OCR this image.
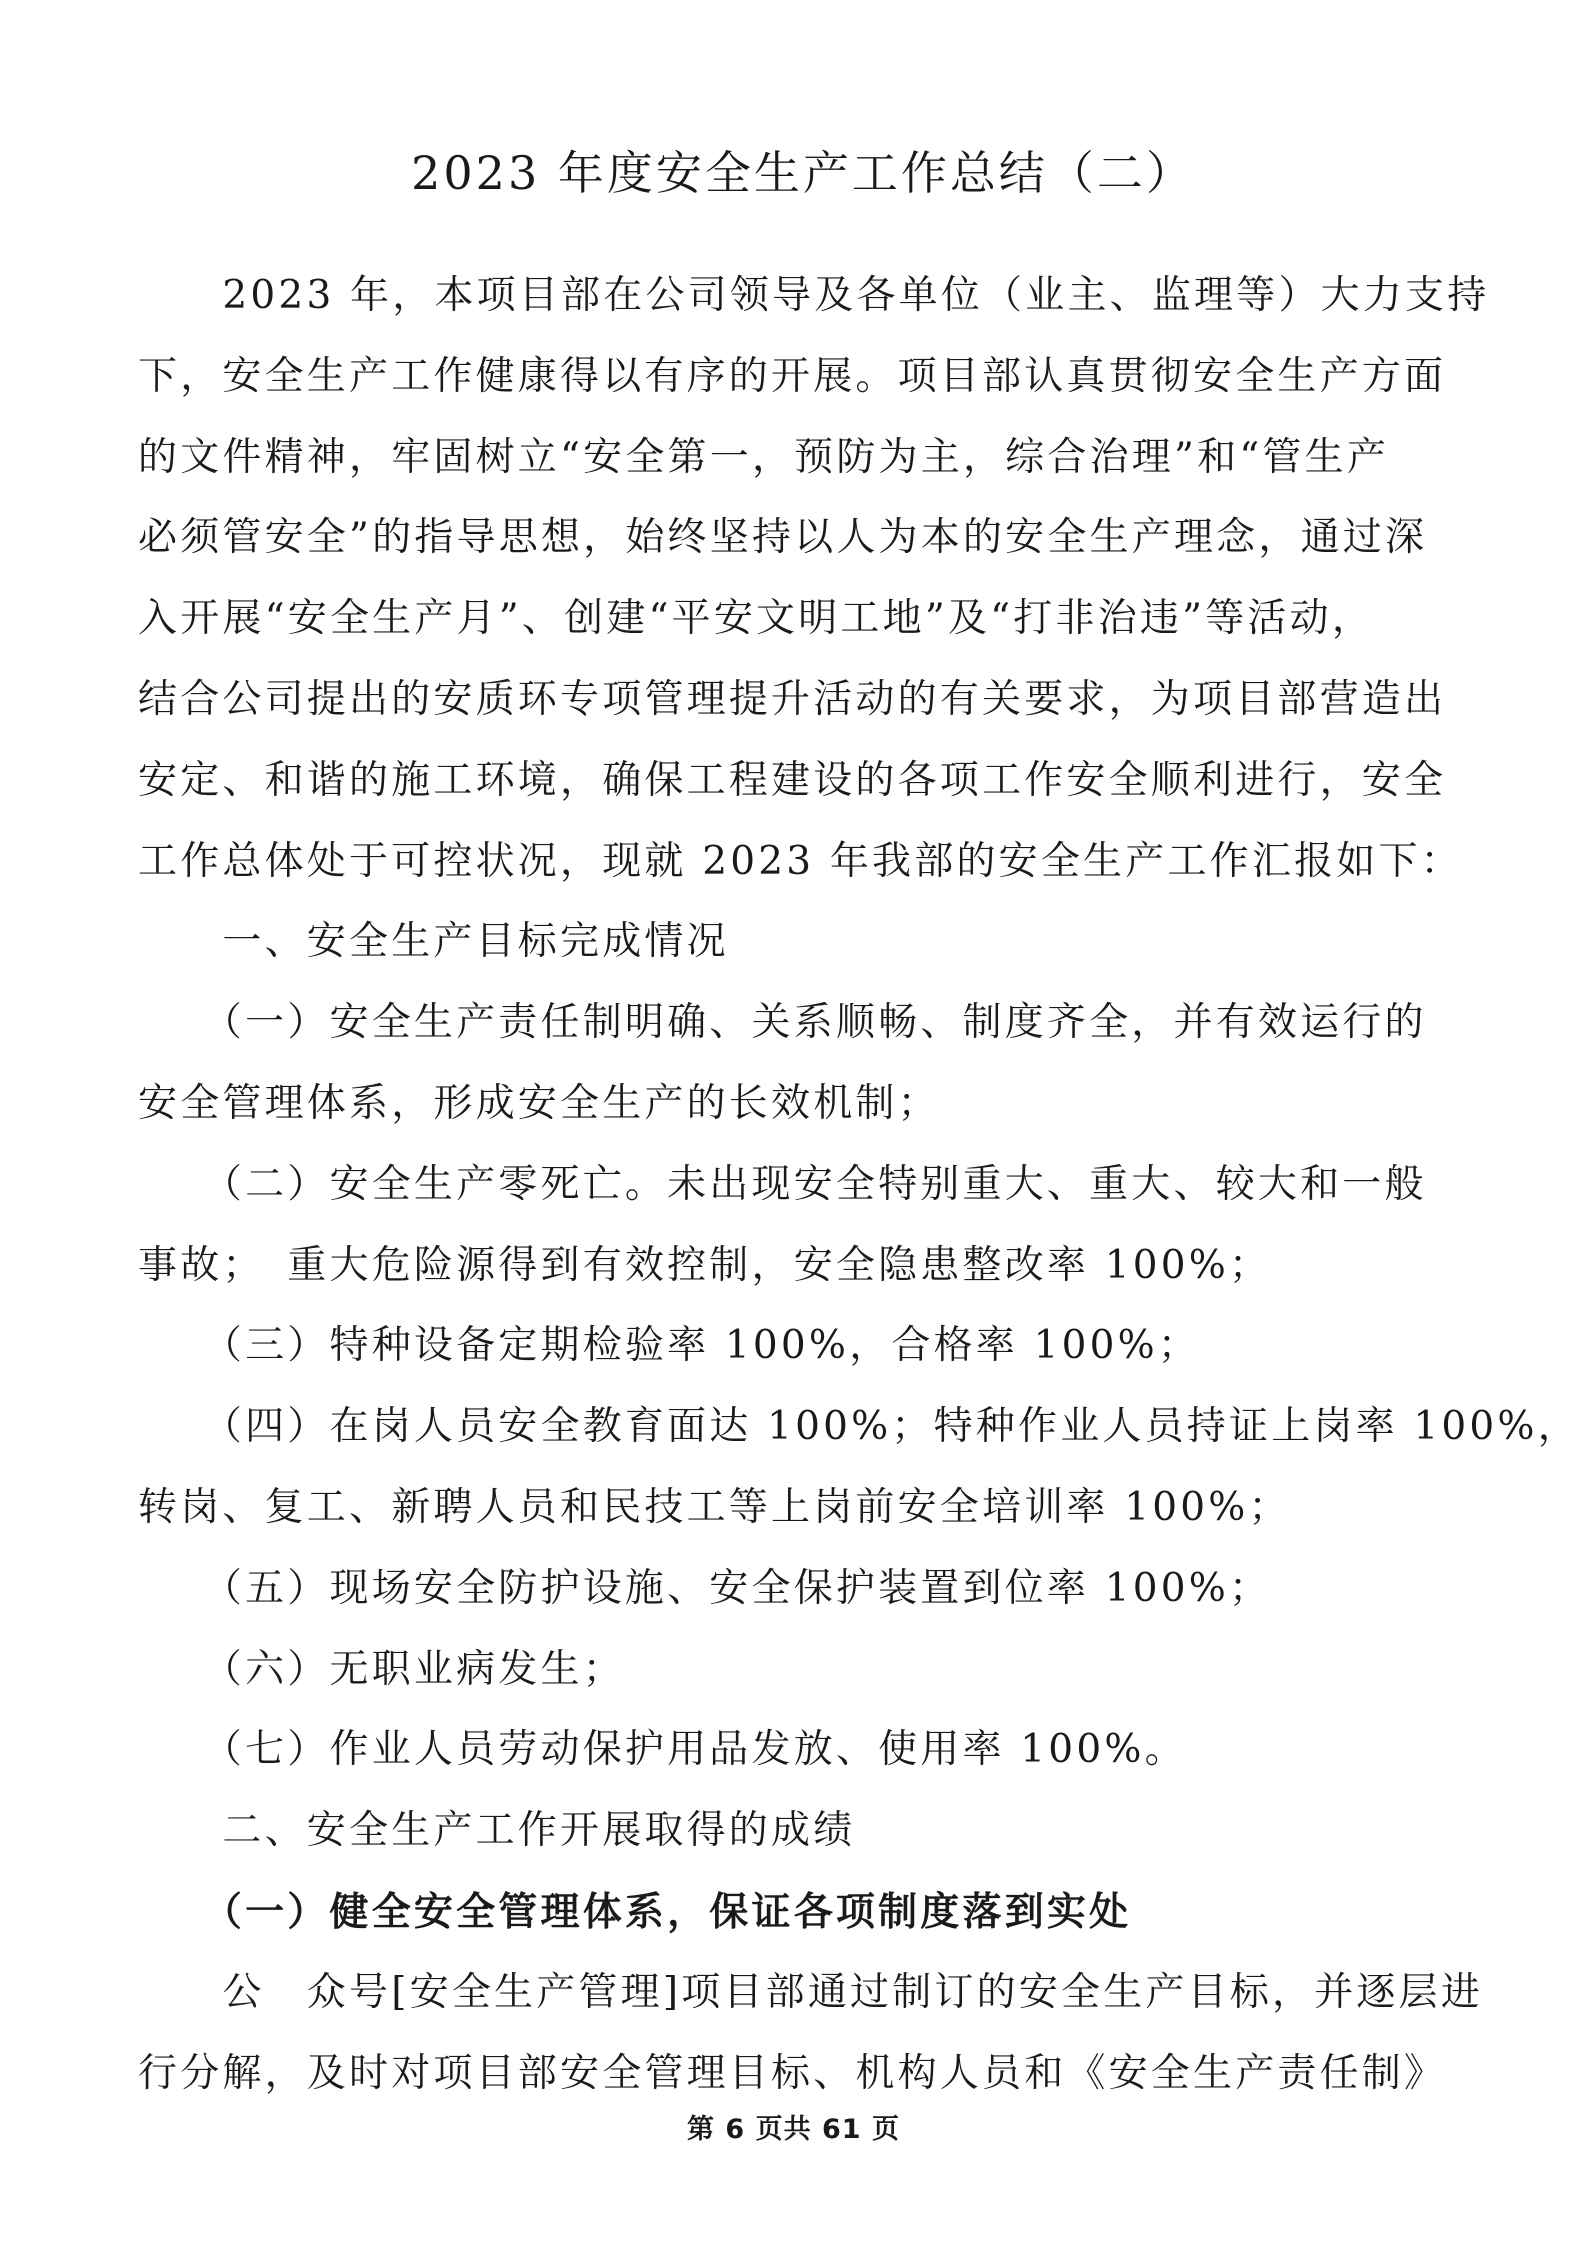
2023 年度安全生产工作总结（二）
　　2023 年，本项目部在公司领导及各单位（业主、监理等）大力支持
下，安全生产工作健康得以有序的开展。项目部认真贯彻安全生产方面
的文件精神，牢固树立“安全第一，预防为主，综合治理”和“管生产
必须管安全”的指导思想，始终坚持以人为本的安全生产理念，通过深
入开展“安全生产月”、创建“平安文明工地”及“打非治违”等活动，
结合公司提出的安质环专项管理提升活动的有关要求，为项目部营造出
安定、和谐的施工环境，确保工程建设的各项工作安全顺利进行，安全
工作总体处于可控状况，现就 2023 年我部的安全生产工作汇报如下：
　　一、安全生产目标完成情况
　　（一）安全生产责任制明确、关系顺畅、制度齐全，并有效运行的
安全管理体系，形成安全生产的长效机制；
　　（二）安全生产零死亡。未出现安全特别重大、重大、较大和一般
事故；　重大危险源得到有效控制，安全隐患整改率 100%；
　　（三）特种设备定期检验率 100%，合格率 100%；
　　（四）在岗人员安全教育面达 100%；特种作业人员持证上岗率 100%，
转岗、复工、新聘人员和民技工等上岗前安全培训率 100%；
　　（五）现场安全防护设施、安全保护装置到位率 100%；
　　（六）无职业病发生；
　　（七）作业人员劳动保护用品发放、使用率 100%。
　　二、安全生产工作开展取得的成绩
　　（一）健全安全管理体系，保证各项制度落到实处
　　公　众号[安全生产管理]项目部通过制订的安全生产目标，并逐层进
行分解，及时对项目部安全管理目标、机构人员和《安全生产责任制》
第 6 页共 61 页
